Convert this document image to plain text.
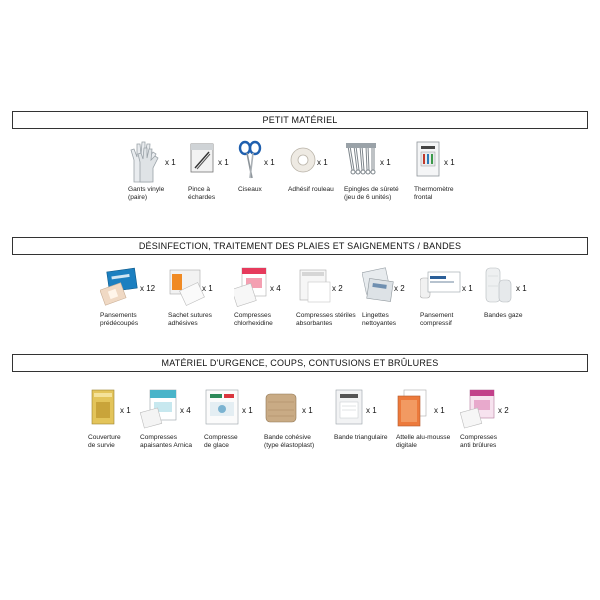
PETIT MATÉRIEL
x 1
Gants vinyle
(paire)
x 1
Pince à
échardes
x 1
Ciseaux
x 1
Adhésif rouleau
x 1
Epingles de sûreté
(jeu de 6 unités)
x 1
Thermomètre
frontal
DÉSINFECTION, TRAITEMENT DES PLAIES ET SAIGNEMENTS / BANDES
x 12
Pansements
prédécoupés
x 1
Sachet sutures
adhésives
x 4
Compresses
chlorhexidine
x 2
Compresses stériles
absorbantes
x 2
Lingettes
nettoyantes
x 1
Pansement
compressif
x 1
Bandes gaze
MATÉRIEL D'URGENCE, COUPS, CONTUSIONS ET BRÛLURES
x 1
Couverture
de survie
x 4
Compresses
apaisantes Arnica
x 1
Compresse
de glace
x 1
Bande cohésive
(type élastoplast)
x 1
Bande triangulaire
x 1
Attelle alu-mousse
digitale
x 2
Compresses
anti brûlures
